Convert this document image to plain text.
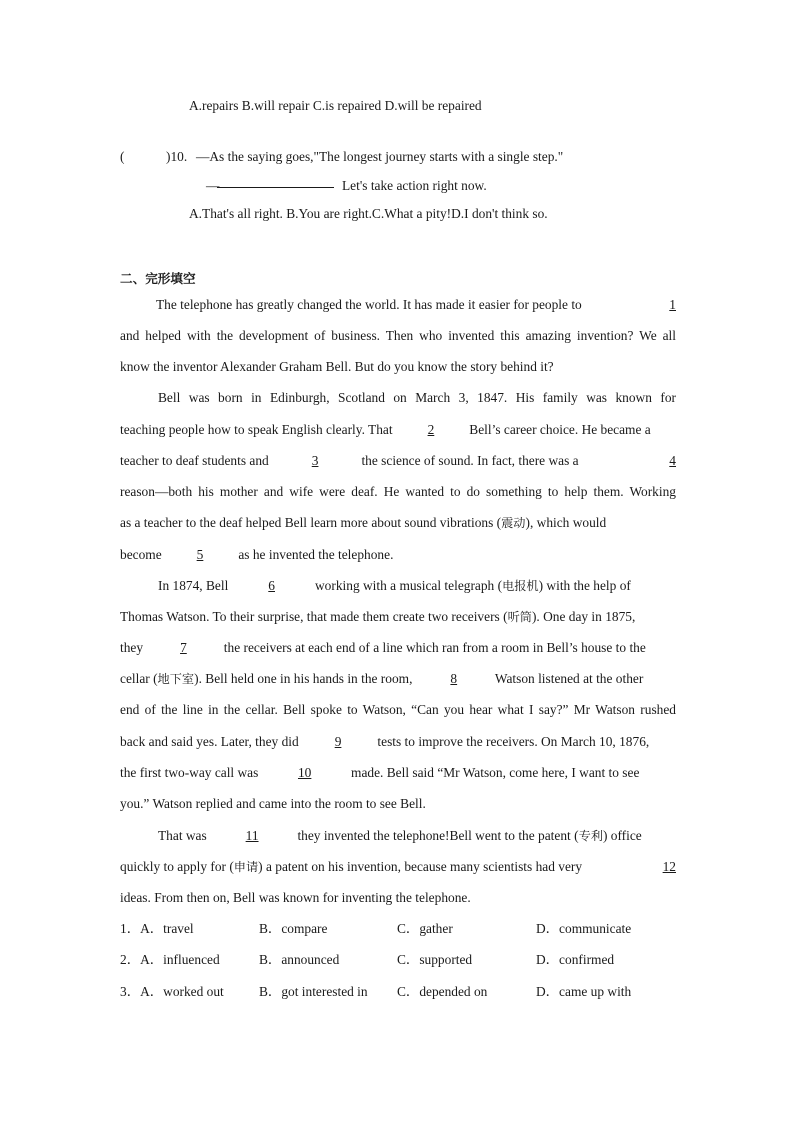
A.repairs B.will repair C.is repaired D.will be repaired
(	)10. —As the saying goes,"The longest journey starts with a single step."
—	Let's take action right now.
A.That's all right. B.You are right.C.What a pity!D.I don't think so.
二、完形填空
The telephone has greatly changed the world. It has made it easier for people to	1
and helped with the development of business. Then who invented this amazing invention? We all
know the inventor Alexander Graham Bell. But do you know the story behind it?
Bell was born in Edinburgh, Scotland on March 3, 1847. His family was known for
teaching people how to speak English clearly. That	2	Bell’s career choice. He became a
teacher to deaf students and	3	the science of sound. In fact, there was a	4
reason—both his mother and wife were deaf. He wanted to do something to help them. Working
as a teacher to the deaf helped Bell learn more about sound vibrations (震动), which would
become	5	as he invented the telephone.
In 1874, Bell	6	working with a musical telegraph (电报机) with the help of
Thomas Watson. To their surprise, that made them create two receivers (听筒). One day in 1875,
they	7	the receivers at each end of a line which ran from a room in Bell’s house to the
cellar (地下室). Bell held one in his hands in the room,	8	Watson listened at the other
end of the line in the cellar. Bell spoke to Watson, “Can you hear what I say?” Mr Watson rushed
back and said yes. Later, they did	9	tests to improve the receivers. On March 10, 1876,
the first two-way call was	10	made. Bell said “Mr Watson, come here, I want to see
you.” Watson replied and came into the room to see Bell.
That was	11	they invented the telephone!Bell went to the patent (专利) office
quickly to apply for (申请) a patent on his invention, because many scientists had very	12
ideas. From then on, Bell was known for inventing the telephone.
1．A．travel	B．compare	C．gather	D．communicate
2．A．influenced	B．announced	C．supported	D．confirmed
3．A．worked out	B．got interested in C．depended on	D．came up with
